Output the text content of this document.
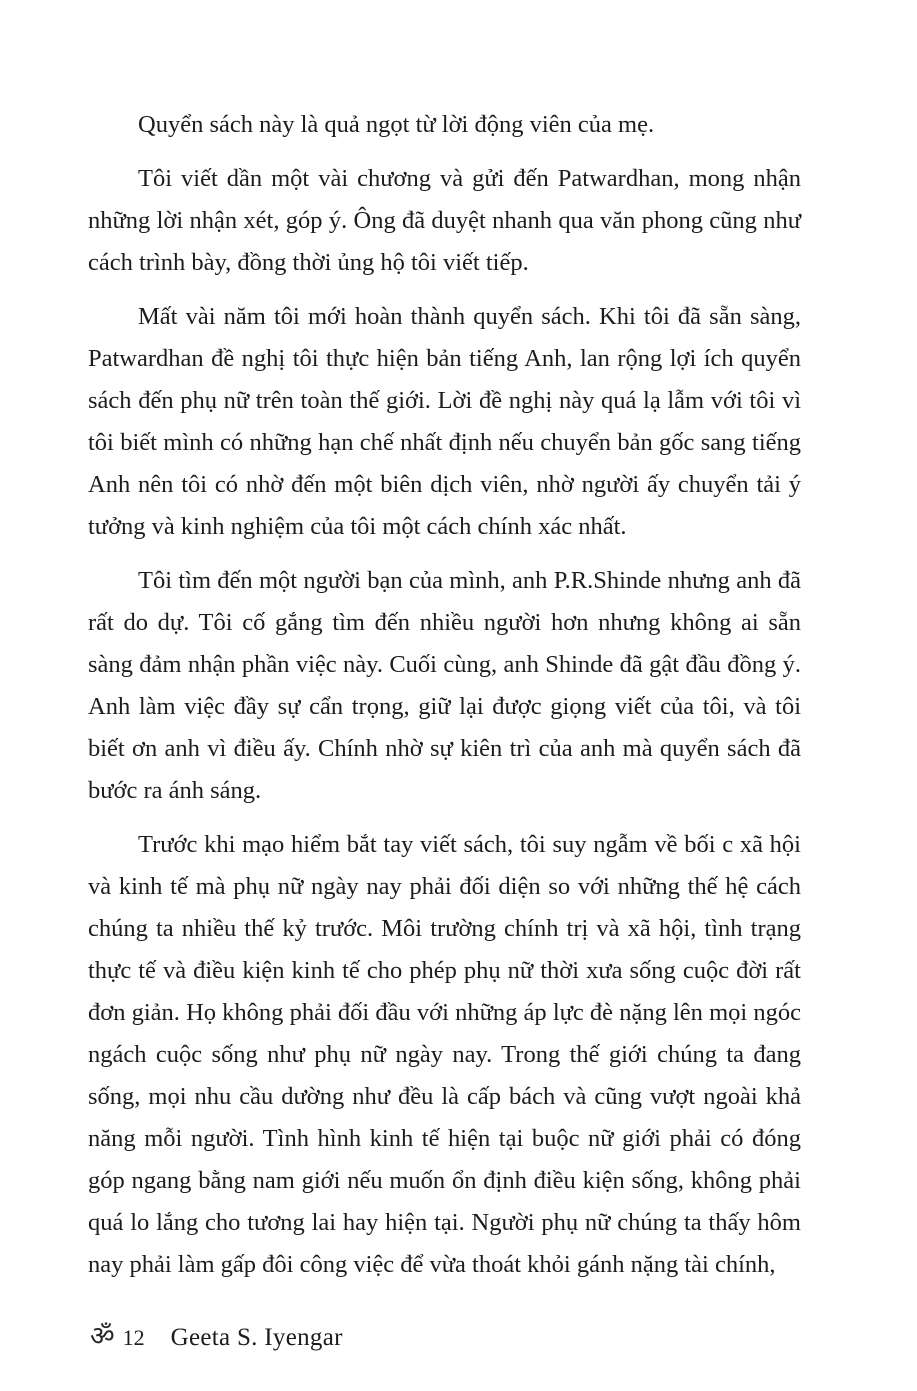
Quyển sách này là quả ngọt từ lời động viên của mẹ.

Tôi viết dần một vài chương và gửi đến Patwardhan, mong nhận những lời nhận xét, góp ý. Ông đã duyệt nhanh qua văn phong cũng như cách trình bày, đồng thời ủng hộ tôi viết tiếp.

Mất vài năm tôi mới hoàn thành quyển sách. Khi tôi đã sẵn sàng, Patwardhan đề nghị tôi thực hiện bản tiếng Anh, lan rộng lợi ích quyển sách đến phụ nữ trên toàn thế giới. Lời đề nghị này quá lạ lẫm với tôi vì tôi biết mình có những hạn chế nhất định nếu chuyển bản gốc sang tiếng Anh nên tôi có nhờ đến một biên dịch viên, nhờ người ấy chuyển tải ý tưởng và kinh nghiệm của tôi một cách chính xác nhất.

Tôi tìm đến một người bạn của mình, anh P.R.Shinde nhưng anh đã rất do dự. Tôi cố gắng tìm đến nhiều người hơn nhưng không ai sẵn sàng đảm nhận phần việc này. Cuối cùng, anh Shinde đã gật đầu đồng ý. Anh làm việc đầy sự cẩn trọng, giữ lại được giọng viết của tôi, và tôi biết ơn anh vì điều ấy. Chính nhờ sự kiên trì của anh mà quyển sách đã bước ra ánh sáng.

Trước khi mạo hiểm bắt tay viết sách, tôi suy ngẫm về bối c xã hội và kinh tế mà phụ nữ ngày nay phải đối diện so với những thế hệ cách chúng ta nhiều thế kỷ trước. Môi trường chính trị và xã hội, tình trạng thực tế và điều kiện kinh tế cho phép phụ nữ thời xưa sống cuộc đời rất đơn giản. Họ không phải đối đầu với những áp lực đè nặng lên mọi ngóc ngách cuộc sống như phụ nữ ngày nay. Trong thế giới chúng ta đang sống, mọi nhu cầu dường như đều là cấp bách và cũng vượt ngoài khả năng mỗi người. Tình hình kinh tế hiện tại buộc nữ giới phải có đóng góp ngang bằng nam giới nếu muốn ổn định điều kiện sống, không phải quá lo lắng cho tương lai hay hiện tại. Người phụ nữ chúng ta thấy hôm nay phải làm gấp đôi công việc để vừa thoát khỏi gánh nặng tài chính,

ॐ 12 Geeta S. Iyengar
